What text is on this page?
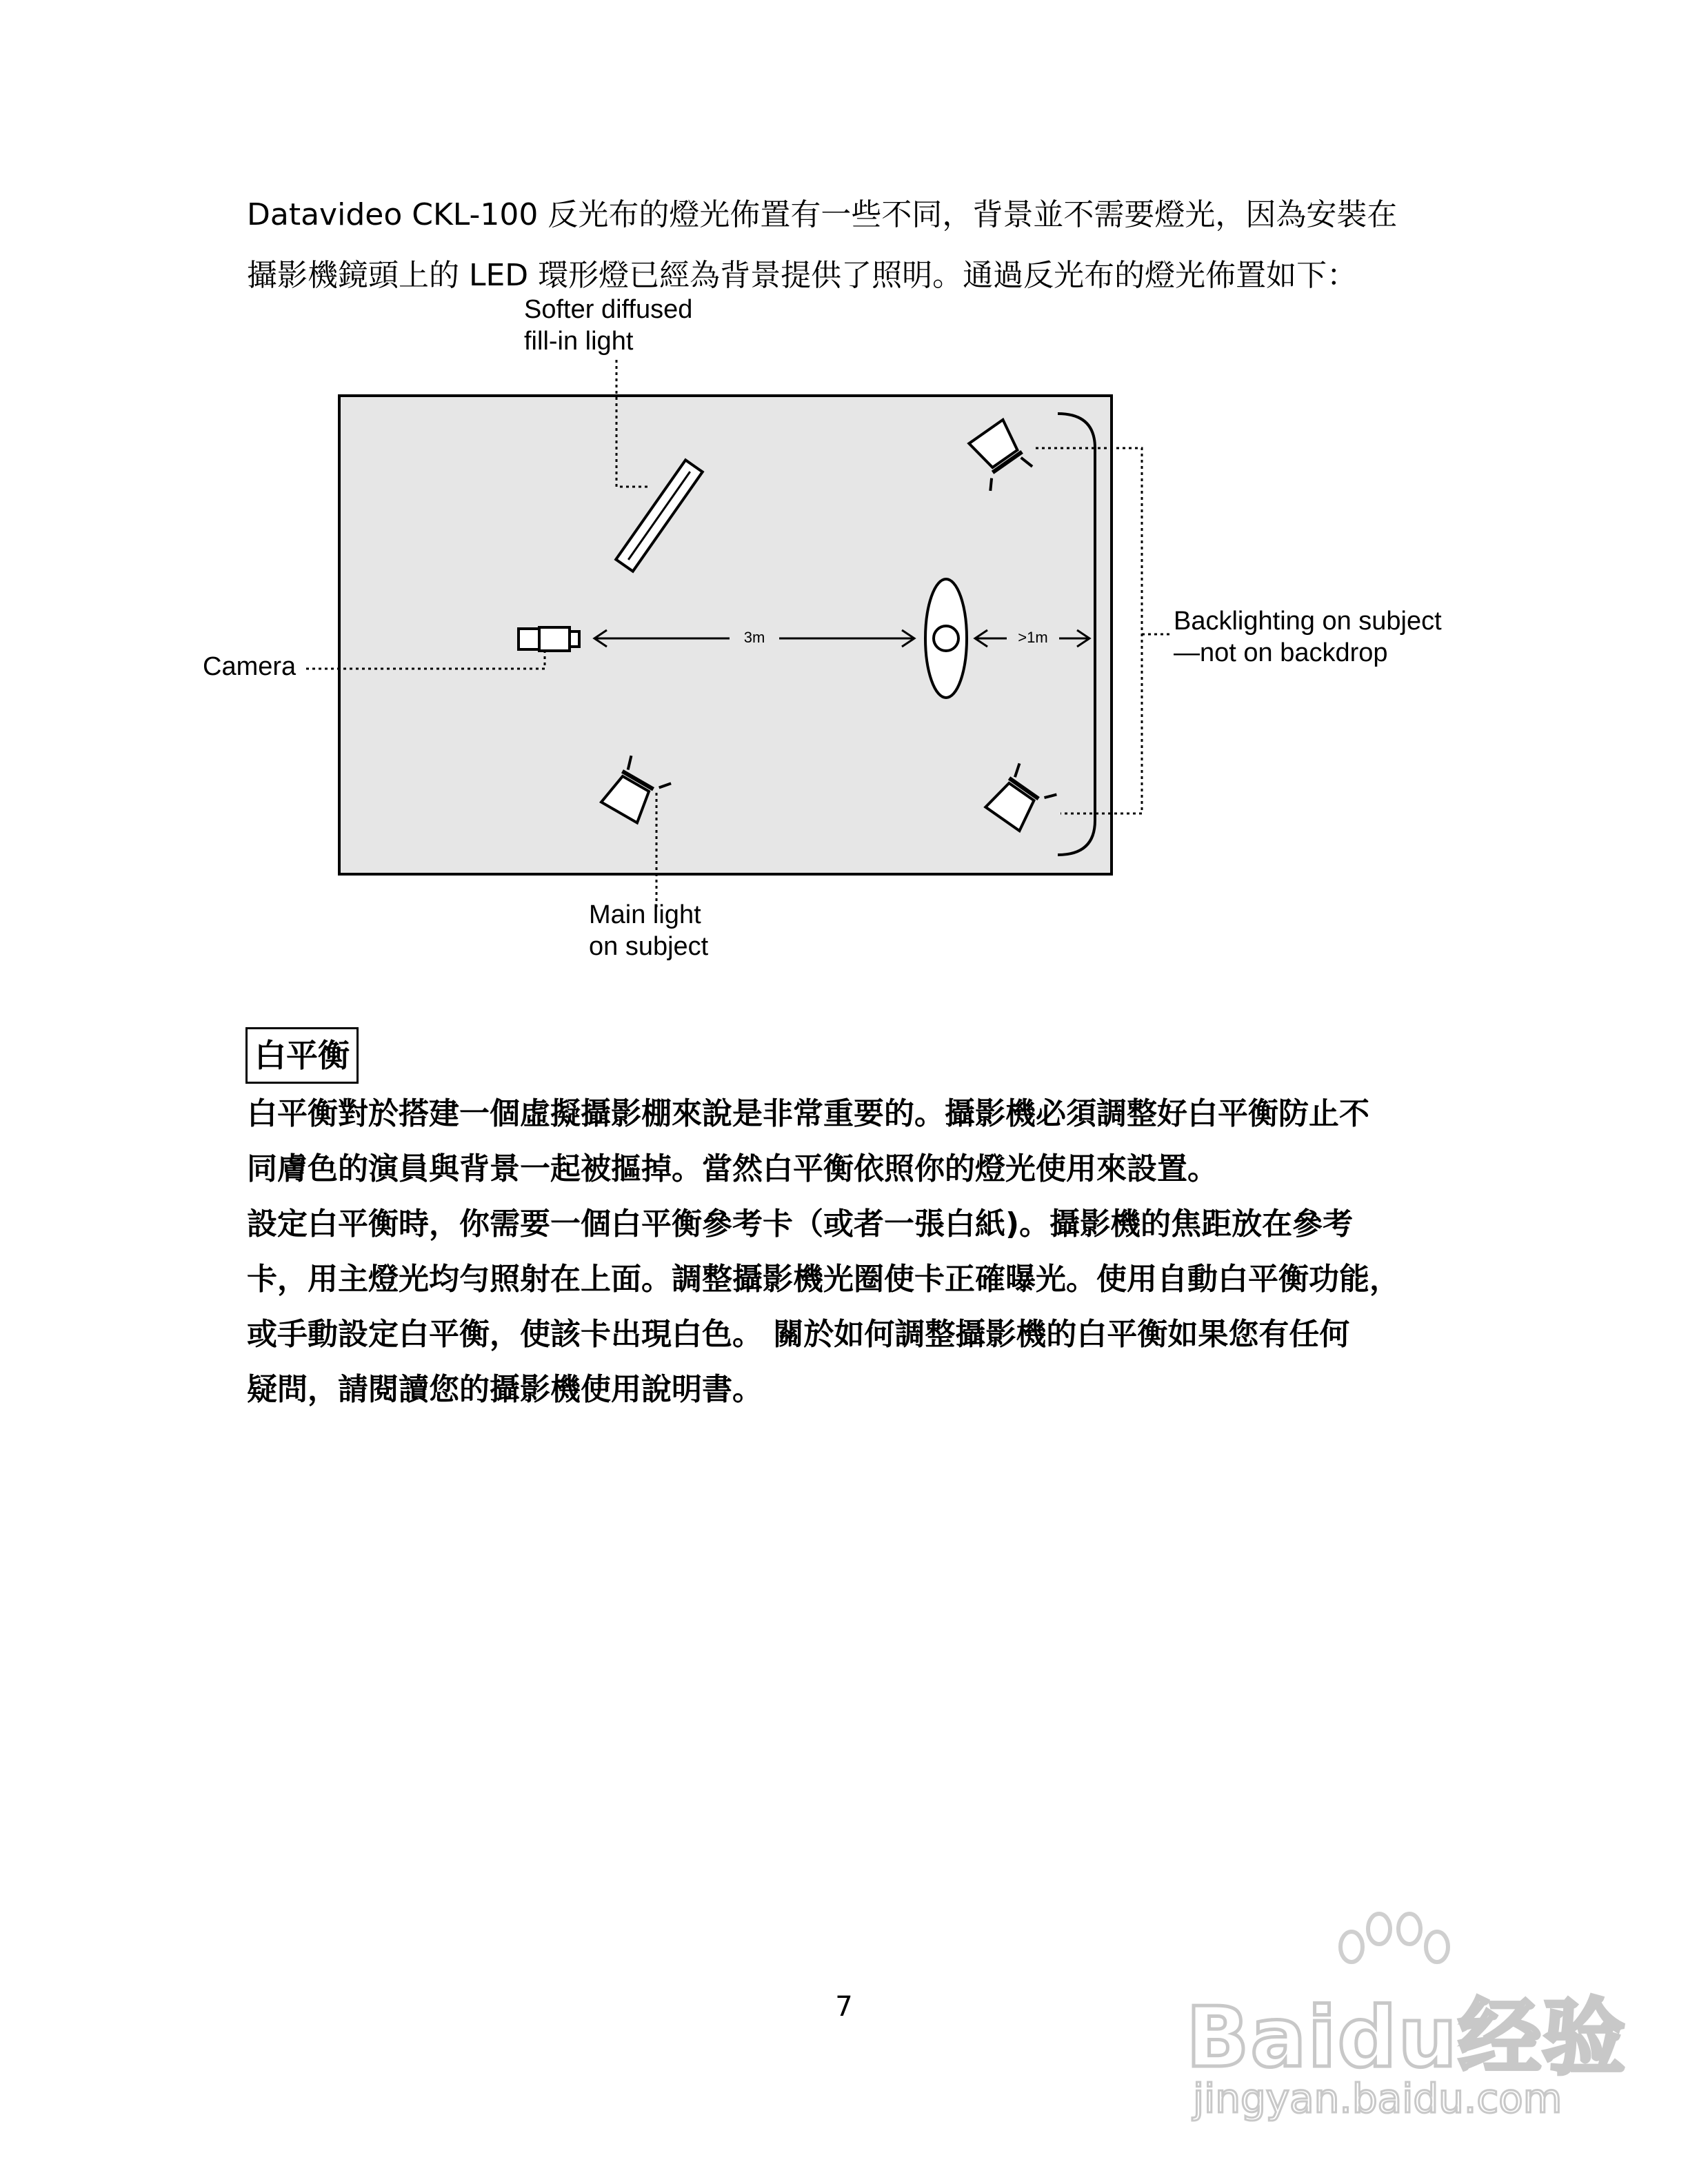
Datavideo CKL-100 反光布的燈光佈置有一些不同，背景並不需要燈光，因為安裝在

攝影機鏡頭上的 LED 環形燈已經為背景提供了照明。通過反光布的燈光佈置如下：

3m	>1m
Softer diffused
fill-in light
Camera
Backlighting on subject
—not on backdrop
Main light
on subject
白平衡

白平衡對於搭建一個虛擬攝影棚來說是非常重要的。攝影機必須調整好白平衡防止不

同膚色的演員與背景一起被摳掉。當然白平衡依照你的燈光使用來設置。

設定白平衡時，你需要一個白平衡參考卡（或者一張白紙)。攝影機的焦距放在參考

卡，用主燈光均勻照射在上面。調整攝影機光圈使卡正確曝光。使用自動白平衡功能，

或手動設定白平衡，使該卡出現白色。 關於如何調整攝影機的白平衡如果您有任何

疑問，請閱讀您的攝影機使用說明書。

7	Baidu经验
jingyan.baidu.com
